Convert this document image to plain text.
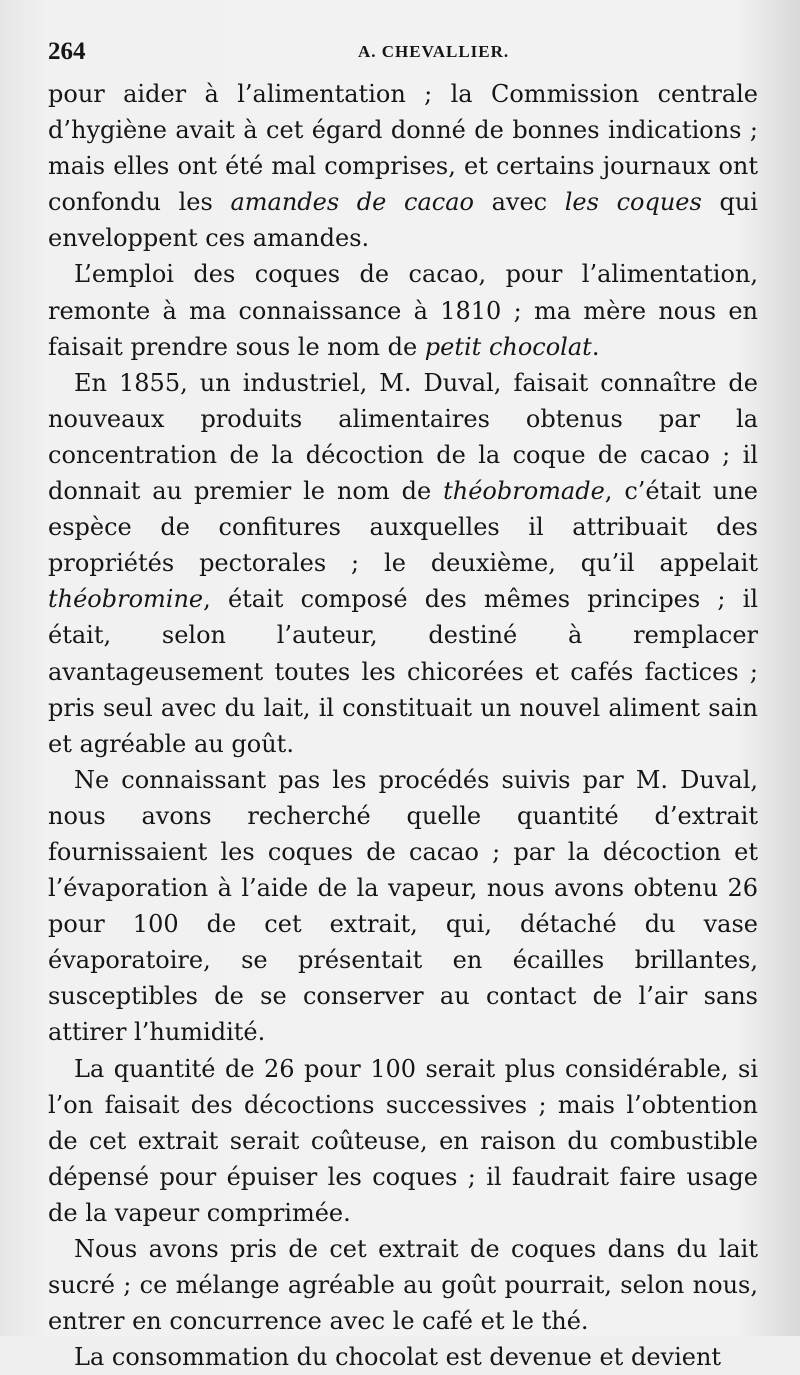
264	A. CHEVALLIER.

pour aider à l’alimentation ; la Commission centrale d’hygiène avait à cet égard donné de bonnes indications ; mais elles ont été mal comprises, et certains journaux ont confondu les amandes de cacao avec les coques qui enveloppent ces amandes.

L’emploi des coques de cacao, pour l’alimentation, remonte à ma connaissance à 1810 ; ma mère nous en faisait prendre sous le nom de petit chocolat.

En 1855, un industriel, M. Duval, faisait connaître de nouveaux produits alimentaires obtenus par la concentration de la décoction de la coque de cacao ; il donnait au premier le nom de théobromade, c’était une espèce de confitures auxquelles il attribuait des propriétés pectorales ; le deuxième, qu’il appelait théobromine, était composé des mêmes principes ; il était, selon l’auteur, destiné à remplacer avantageusement toutes les chicorées et cafés factices ; pris seul avec du lait, il constituait un nouvel aliment sain et agréable au goût.

Ne connaissant pas les procédés suivis par M. Duval, nous avons recherché quelle quantité d’extrait fournissaient les coques de cacao ; par la décoction et l’évaporation à l’aide de la vapeur, nous avons obtenu 26 pour 100 de cet extrait, qui, détaché du vase évaporatoire, se présentait en écailles brillantes, susceptibles de se conserver au contact de l’air sans attirer l’humidité.

La quantité de 26 pour 100 serait plus considérable, si l’on faisait des décoctions successives ; mais l’obtention de cet extrait serait coûteuse, en raison du combustible dépensé pour épuiser les coques ; il faudrait faire usage de la vapeur comprimée.

Nous avons pris de cet extrait de coques dans du lait sucré ; ce mélange agréable au goût pourrait, selon nous, entrer en concurrence avec le café et le thé.

La consommation du chocolat est devenue et devient
